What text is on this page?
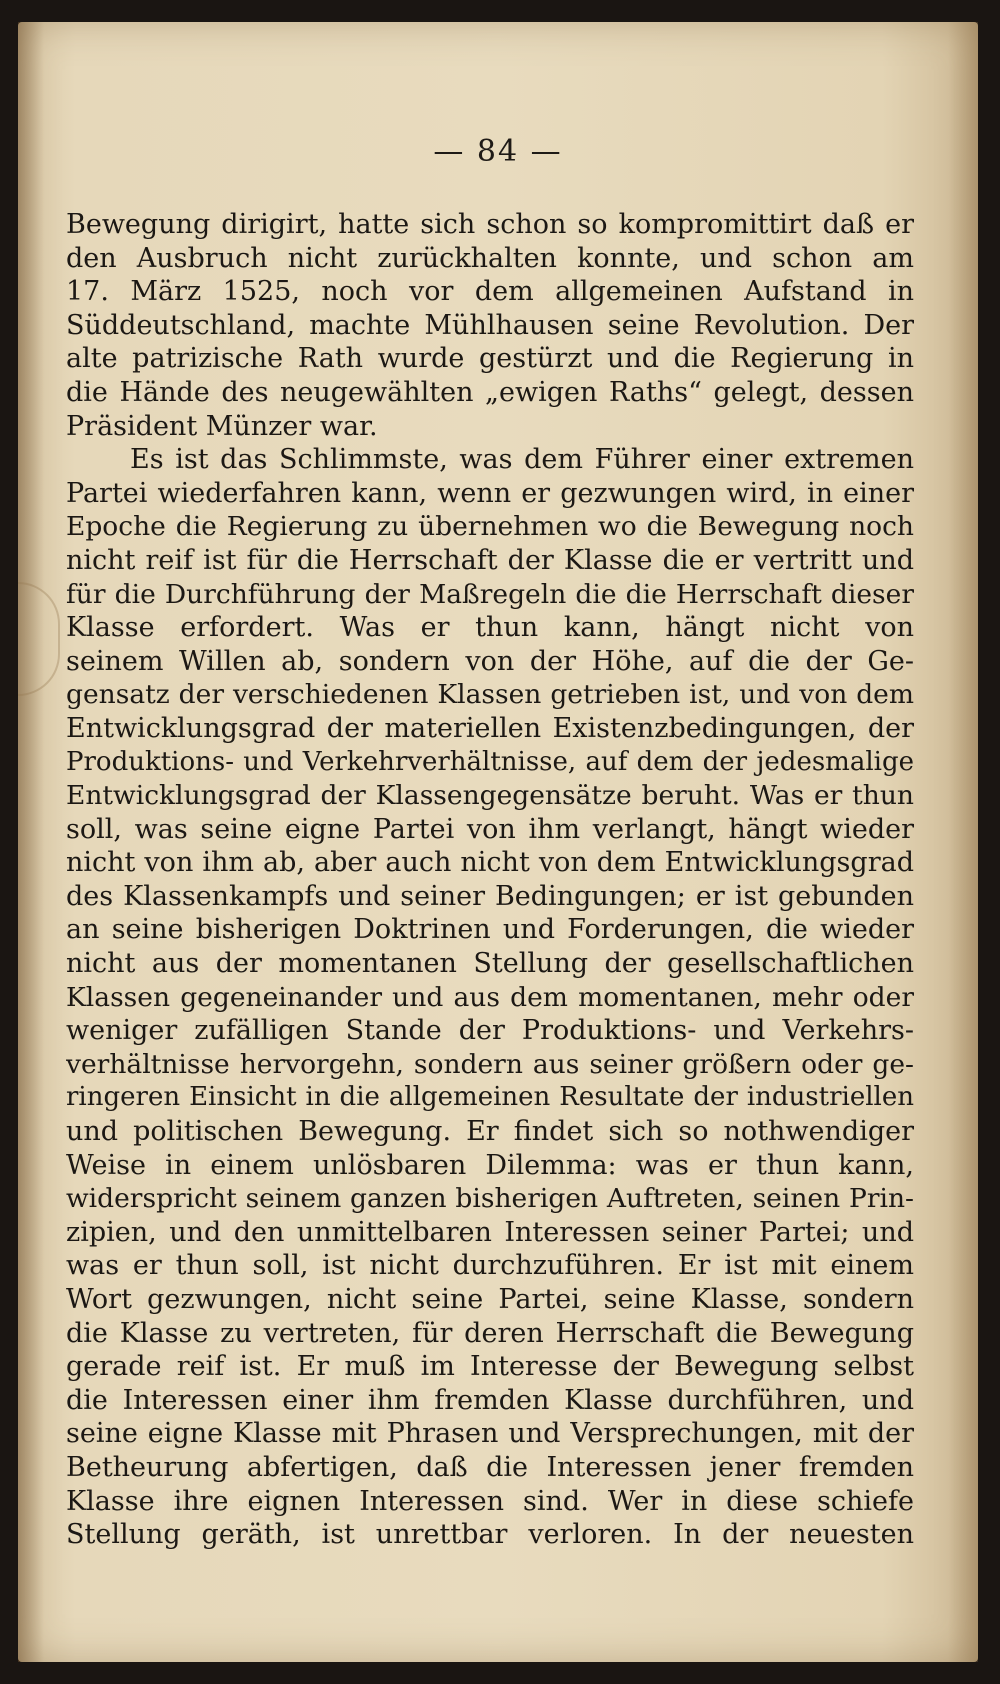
— 84 —
Bewegung dirigirt, hatte sich schon so kompromittirt daß er
den Ausbruch nicht zurückhalten konnte, und schon am
17. März 1525, noch vor dem allgemeinen Aufstand in
Süddeutschland, machte Mühlhausen seine Revolution. Der
alte patrizische Rath wurde gestürzt und die Regierung in
die Hände des neugewählten „ewigen Raths“ gelegt, dessen
Präsident Münzer war.
Es ist das Schlimmste, was dem Führer einer extremen
Partei wiederfahren kann, wenn er gezwungen wird, in einer
Epoche die Regierung zu übernehmen wo die Bewegung noch
nicht reif ist für die Herrschaft der Klasse die er vertritt und
für die Durchführung der Maßregeln die die Herrschaft dieser
Klasse erfordert. Was er thun kann, hängt nicht von
seinem Willen ab, sondern von der Höhe, auf die der Ge-
gensatz der verschiedenen Klassen getrieben ist, und von dem
Entwicklungsgrad der materiellen Existenzbedingungen, der
Produktions- und Verkehrverhältnisse, auf dem der jedesmalige
Entwicklungsgrad der Klassengegensätze beruht. Was er thun
soll, was seine eigne Partei von ihm verlangt, hängt wieder
nicht von ihm ab, aber auch nicht von dem Entwicklungsgrad
des Klassenkampfs und seiner Bedingungen; er ist gebunden
an seine bisherigen Doktrinen und Forderungen, die wieder
nicht aus der momentanen Stellung der gesellschaftlichen
Klassen gegeneinander und aus dem momentanen, mehr oder
weniger zufälligen Stande der Produktions- und Verkehrs-
verhältnisse hervorgehn, sondern aus seiner größern oder ge-
ringeren Einsicht in die allgemeinen Resultate der industriellen
und politischen Bewegung. Er findet sich so nothwendiger
Weise in einem unlösbaren Dilemma: was er thun kann,
widerspricht seinem ganzen bisherigen Auftreten, seinen Prin-
zipien, und den unmittelbaren Interessen seiner Partei; und
was er thun soll, ist nicht durchzuführen. Er ist mit einem
Wort gezwungen, nicht seine Partei, seine Klasse, sondern
die Klasse zu vertreten, für deren Herrschaft die Bewegung
gerade reif ist. Er muß im Interesse der Bewegung selbst
die Interessen einer ihm fremden Klasse durchführen, und
seine eigne Klasse mit Phrasen und Versprechungen, mit der
Betheurung abfertigen, daß die Interessen jener fremden
Klasse ihre eignen Interessen sind. Wer in diese schiefe
Stellung geräth, ist unrettbar verloren. In der neuesten
